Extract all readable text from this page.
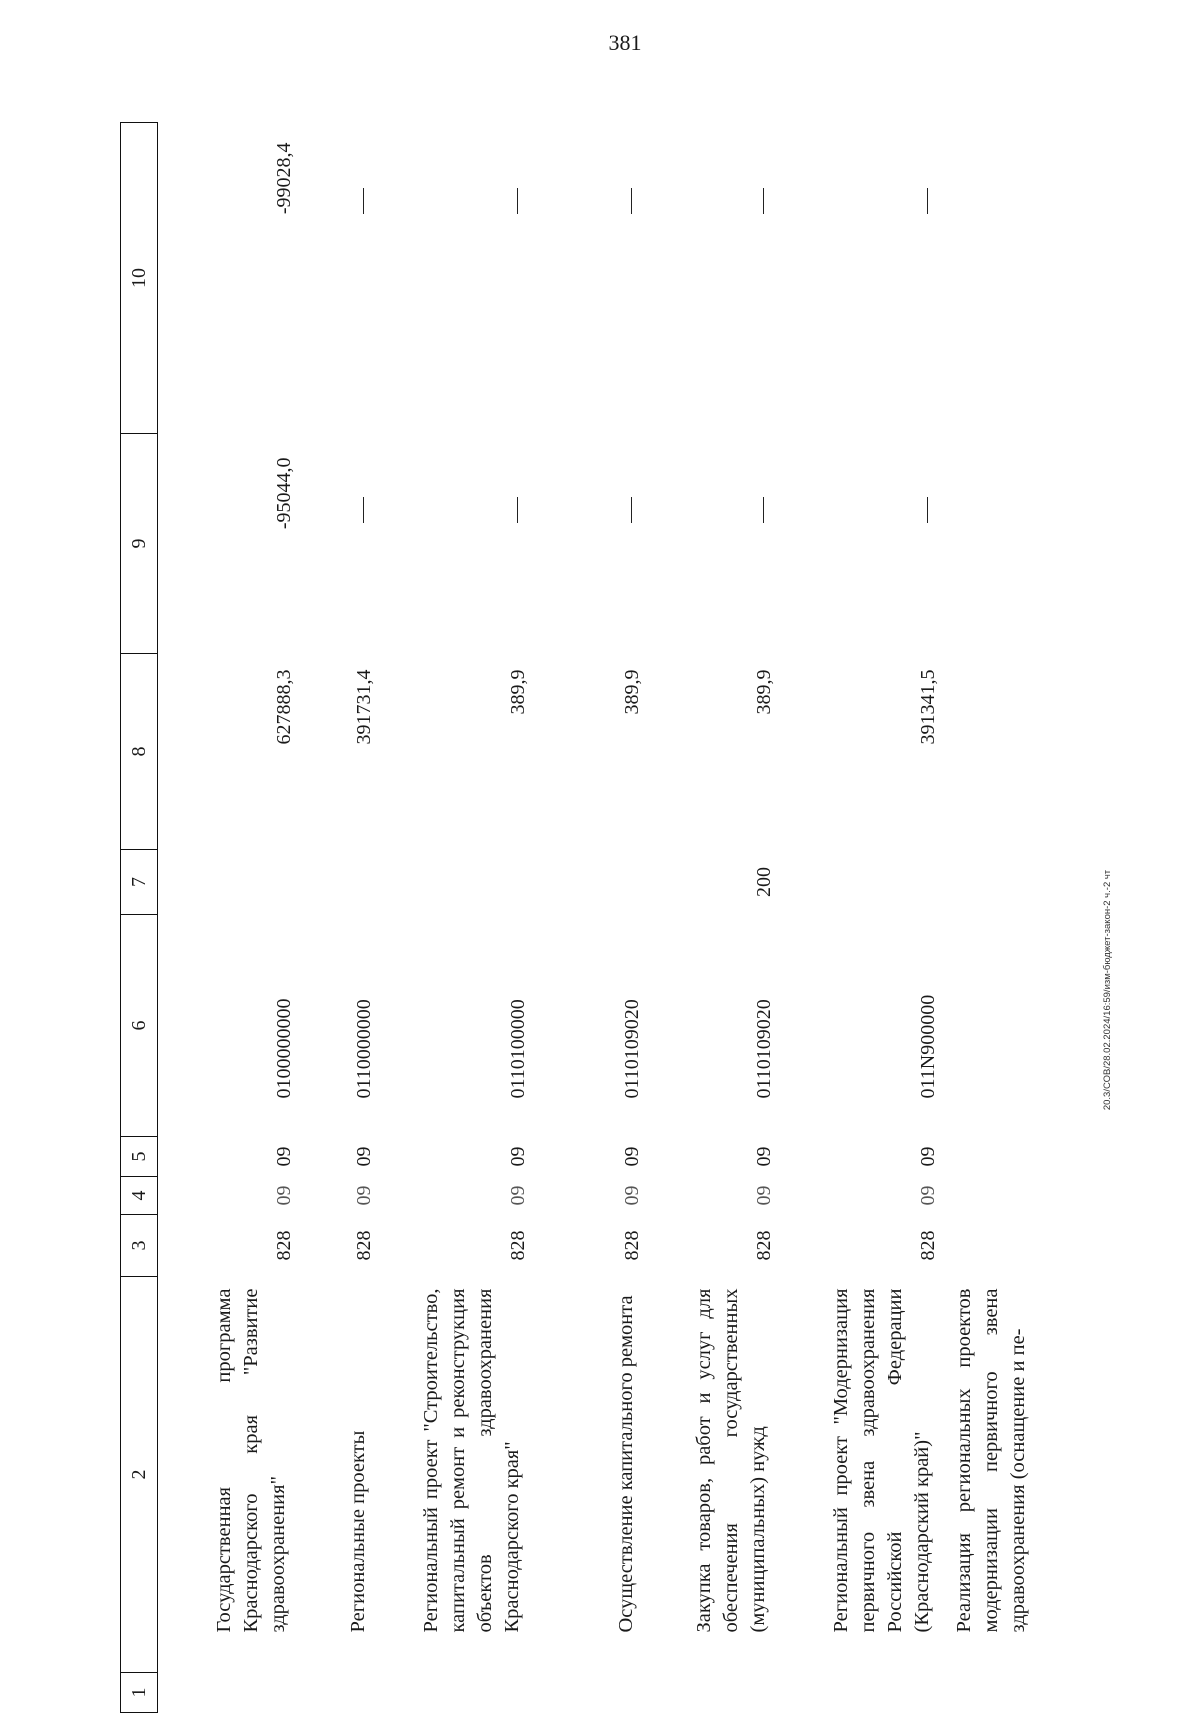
381
20.3/СОВ/28.02.2024/16:59/изм-бюджет-закон-2 ч.-2 чт
1	2	3	4	5	6	7	8	9	10
	Государственная программа Краснодарского края "Развитие здравоохранения"	828	09	09	0100000000		627888,3	-95044,0	-99028,4
	Региональные проекты	828	09	09	0110000000		391731,4		
	Региональный проект "Строительство, капитальный ремонт и реконструкция объектов здравоохранения Краснодарского края"	828	09	09	0110100000		389,9		
	Осуществление капитального ремонта	828	09	09	0110109020		389,9		
	Закупка товаров, работ и услуг для обеспечения государственных (муниципальных) нужд	828	09	09	0110109020	200	389,9		
	Региональный проект "Модернизация первичного звена здравоохранения Российской Федерации (Краснодарский край)"	828	09	09	011N900000		391341,5		
	Реализация региональных проектов модернизации первичного звена здравоохранения (оснащение и пе-								
